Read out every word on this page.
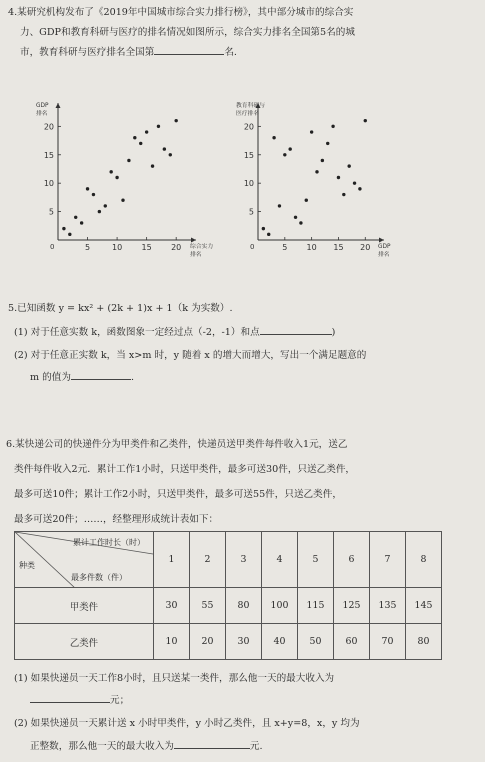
4.某研究机构发布了《2019年中国城市综合实力排行榜》，其中部分城市的综合实
力、GDP和教育科研与医疗的排名情况如图所示，综合实力排名全国第5名的城
市，教育科研与医疗排名全国第	名.
0	5	10 15 20
5
10
15
20
GDP
排名
综合实力
排名
0	5 10 15 20
5
10
15
20
教育科研与
医疗排名
GDP
排名
5.已知函数 y = kx² + (2k + 1)x + 1（k 为实数）.
(1) 对于任意实数 k，函数图象一定经过点（-2，-1）和点	)
(2) 对于任意正实数 k，当 x>m 时，y 随着 x 的增大而增大，写出一个满足题意的
m 的值为	.
6.某快递公司的快递件分为甲类件和乙类件，快递员送甲类件每件收入1元，送乙
类件每件收入2元．累计工作1小时，只送甲类件，最多可送30件，只送乙类件，
最多可送10件；累计工作2小时，只送甲类件，最多可送55件，只送乙类件，
最多可送20件；……，经整理形成统计表如下：
累计工作时长（时）
种类
最多件数（件）	1	2	3	4	5	6	7	8
甲类件	30	55	80	100	115	125	135	145
乙类件	10	20	30	40	50	60	70	80
(1) 如果快递员一天工作8小时，且只送某一类件，那么他一天的最大收入为
元；
(2) 如果快递员一天累计送 x 小时甲类件，y 小时乙类件，且 x+y=8，x，y 均为
正整数，那么他一天的最大收入为	元.
